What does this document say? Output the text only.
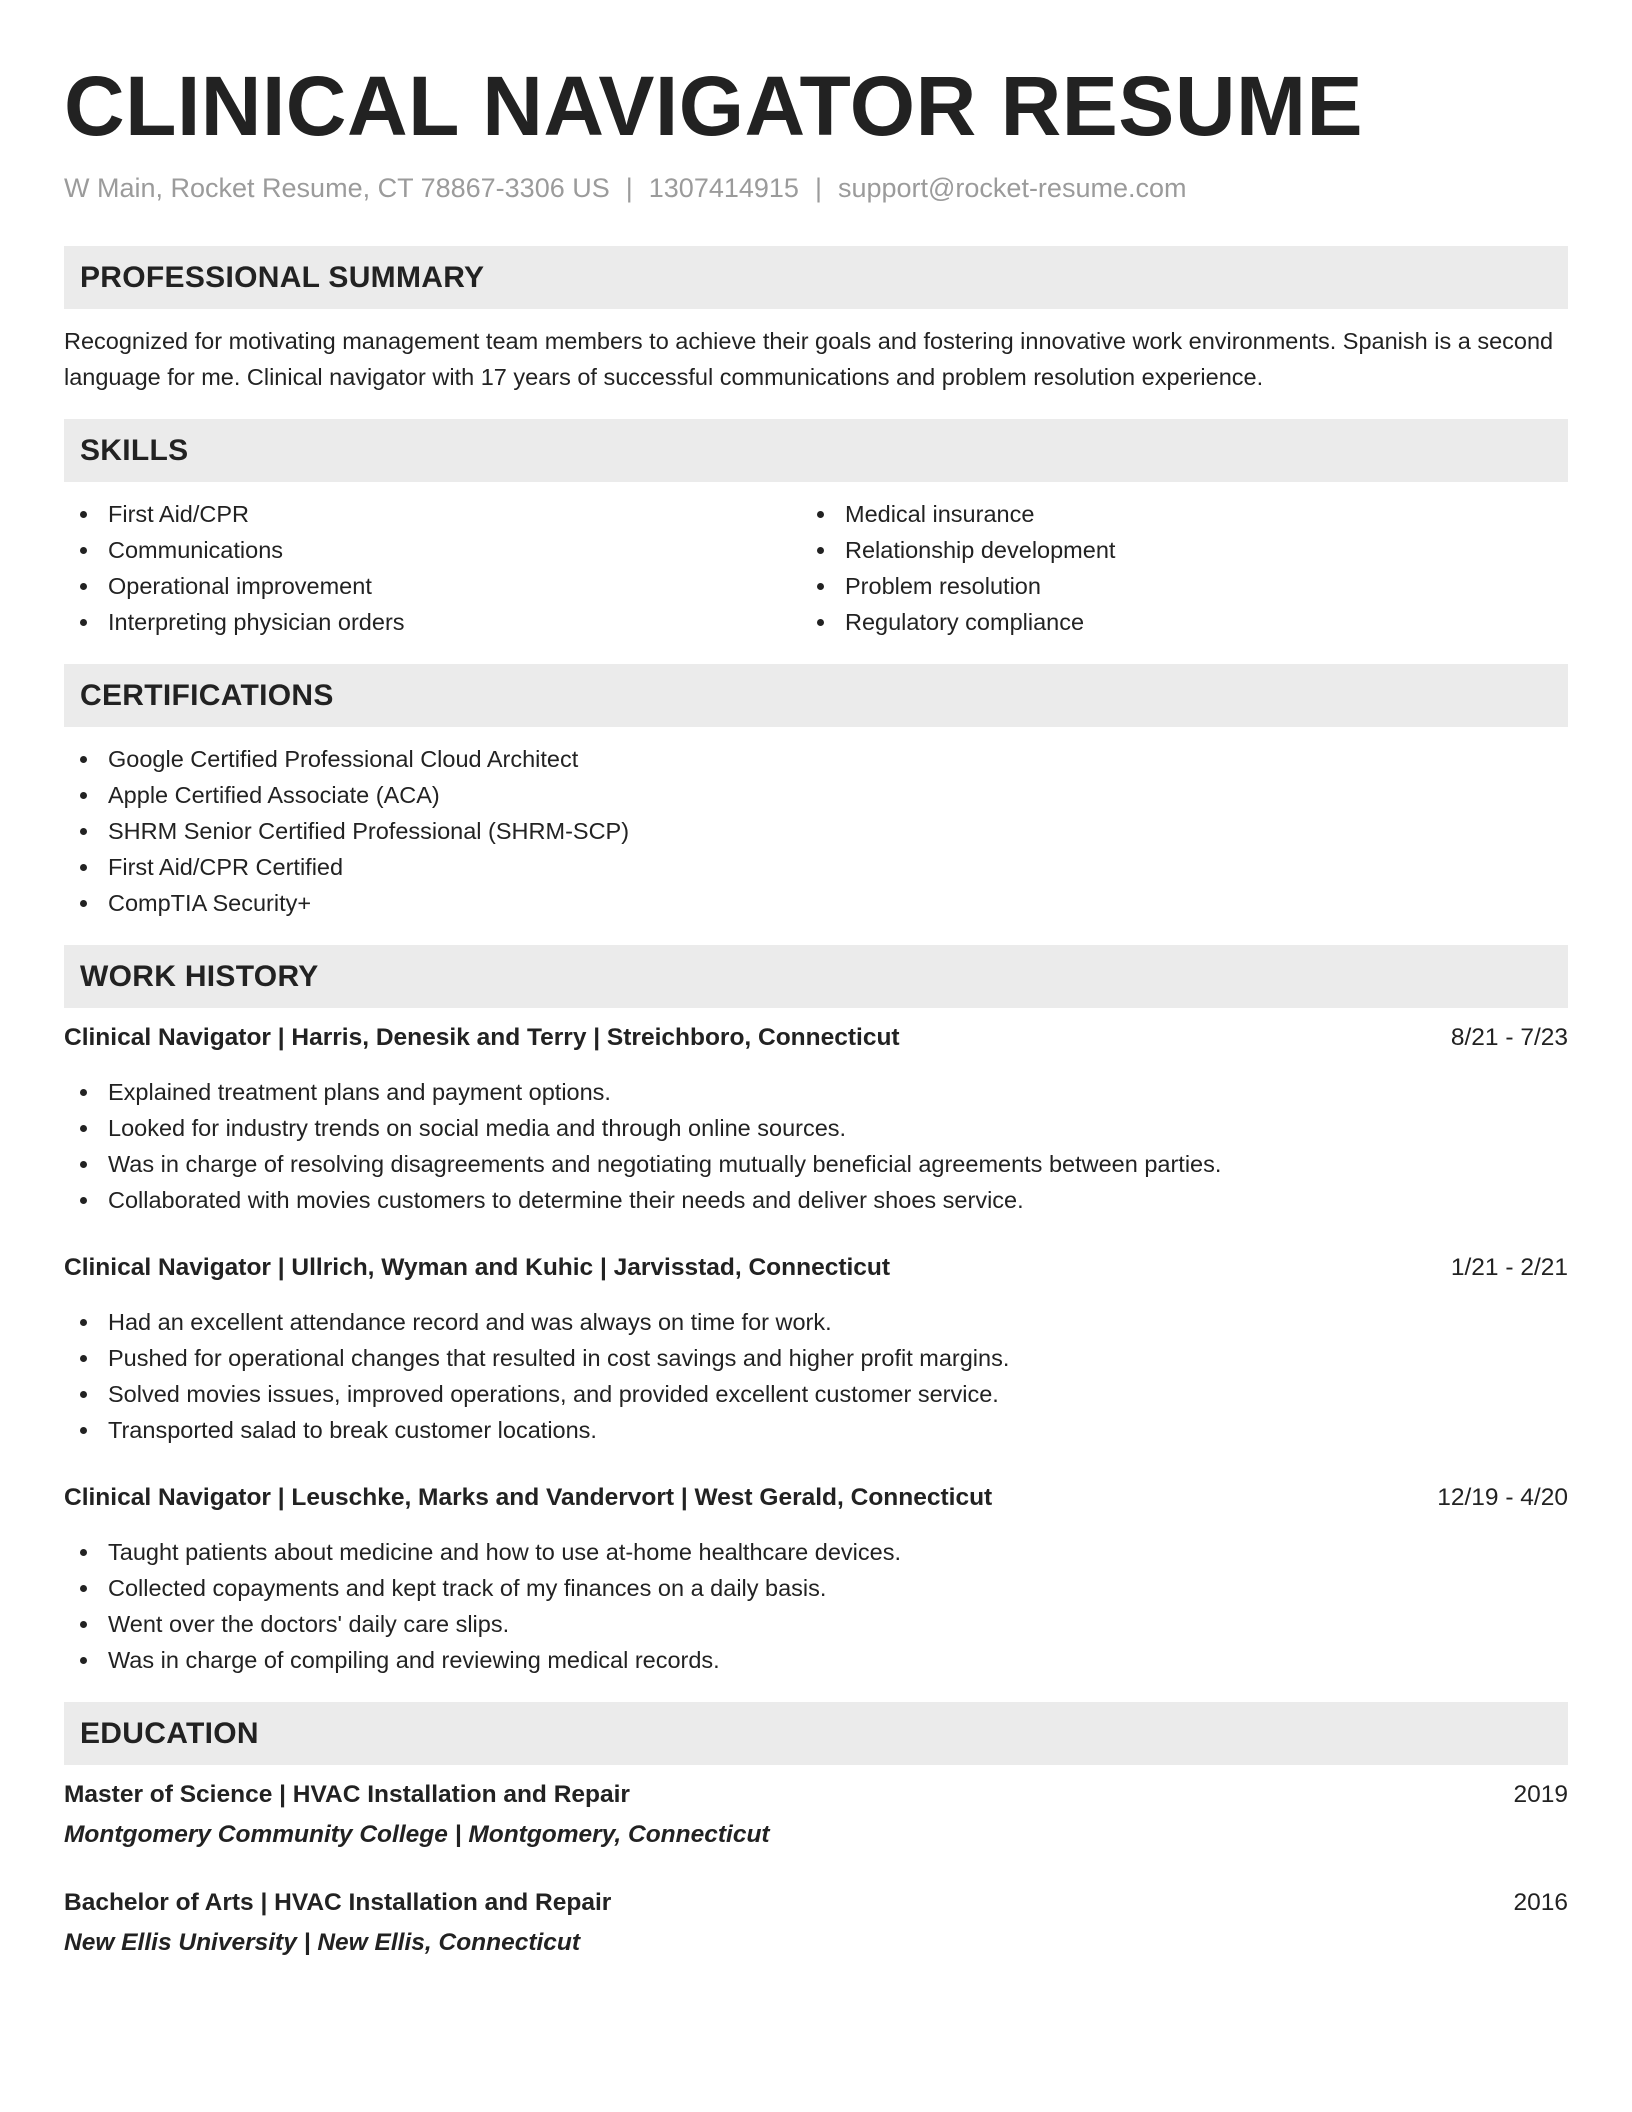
CLINICAL NAVIGATOR RESUME
W Main, Rocket Resume, CT 78867-3306 US | 1307414915 | support@rocket-resume.com
PROFESSIONAL SUMMARY

Recognized for motivating management team members to achieve their goals and fostering innovative work environments. Spanish is a second language for me. Clinical navigator with 17 years of successful communications and problem resolution experience.

SKILLS
First Aid/CPR
Communications
Operational improvement
Interpreting physician orders
Medical insurance
Relationship development
Problem resolution
Regulatory compliance
CERTIFICATIONS
Google Certified Professional Cloud Architect
Apple Certified Associate (ACA)
SHRM Senior Certified Professional (SHRM-SCP)
First Aid/CPR Certified
CompTIA Security+
WORK HISTORY
Clinical Navigator | Harris, Denesik and Terry | Streichboro, Connecticut	8/21 - 7/23
Explained treatment plans and payment options.
Looked for industry trends on social media and through online sources.
Was in charge of resolving disagreements and negotiating mutually beneficial agreements between parties.
Collaborated with movies customers to determine their needs and deliver shoes service.
Clinical Navigator | Ullrich, Wyman and Kuhic | Jarvisstad, Connecticut	1/21 - 2/21
Had an excellent attendance record and was always on time for work.
Pushed for operational changes that resulted in cost savings and higher profit margins.
Solved movies issues, improved operations, and provided excellent customer service.
Transported salad to break customer locations.
Clinical Navigator | Leuschke, Marks and Vandervort | West Gerald, Connecticut	12/19 - 4/20
Taught patients about medicine and how to use at-home healthcare devices.
Collected copayments and kept track of my finances on a daily basis.
Went over the doctors' daily care slips.
Was in charge of compiling and reviewing medical records.
EDUCATION
Master of Science | HVAC Installation and Repair	2019
Montgomery Community College | Montgomery, Connecticut
Bachelor of Arts | HVAC Installation and Repair	2016
New Ellis University | New Ellis, Connecticut
